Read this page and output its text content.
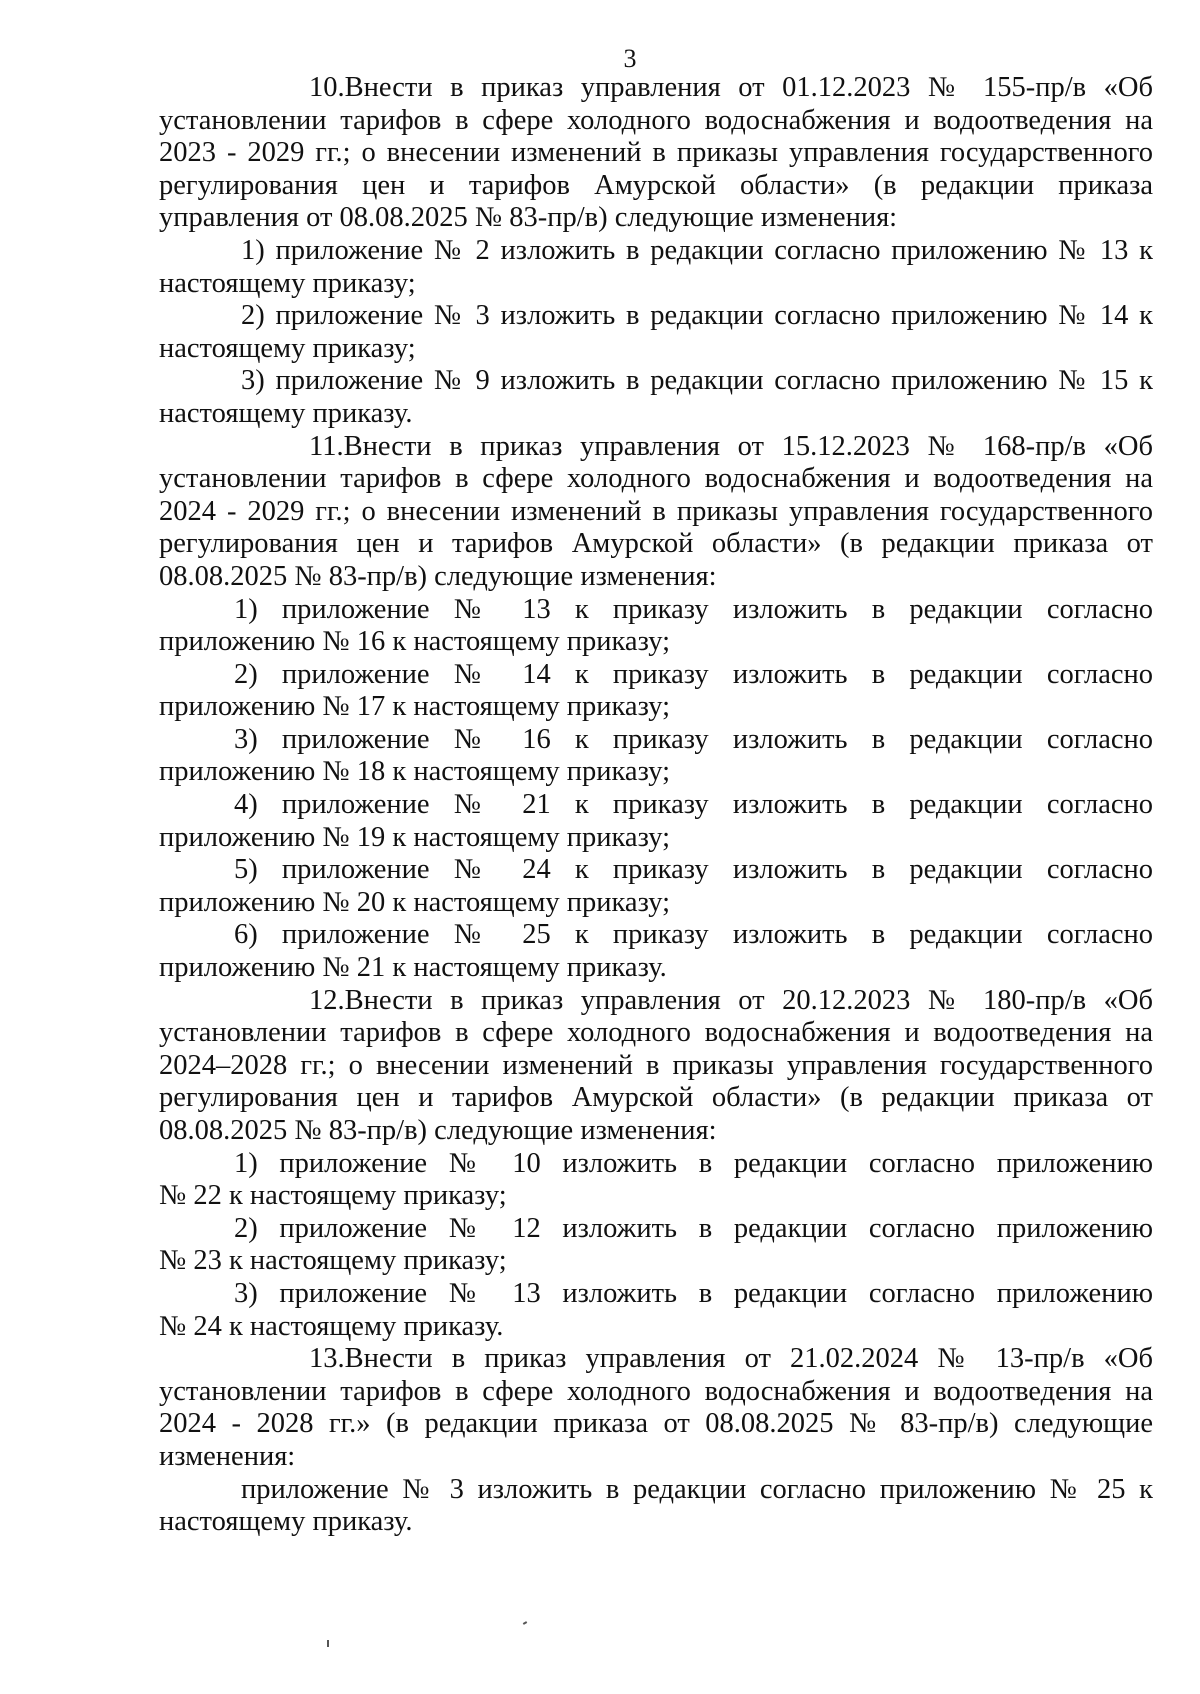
3

10.Внести в приказ управления от 01.12.2023 № 155-пр/в «Об установлении тарифов в сфере холодного водоснабжения и водоотведения на 2023 - 2029 гг.; о внесении изменений в приказы управления государственного регулирования цен и тарифов Амурской области» (в редакции приказа управления от 08.08.2025 № 83-пр/в) следующие изменения:

1) приложение № 2 изложить в редакции согласно приложению № 13 к настоящему приказу;

2) приложение № 3 изложить в редакции согласно приложению № 14 к настоящему приказу;

3) приложение № 9 изложить в редакции согласно приложению № 15 к настоящему приказу.

11.Внести в приказ управления от 15.12.2023 № 168-пр/в «Об установлении тарифов в сфере холодного водоснабжения и водоотведения на 2024 - 2029 гг.; о внесении изменений в приказы управления государственного регулирования цен и тарифов Амурской области» (в редакции приказа от 08.08.2025 № 83-пр/в) следующие изменения:

1) приложение № 13 к приказу изложить в редакции согласно

приложению № 16 к настоящему приказу;

2) приложение № 14 к приказу изложить в редакции согласно

приложению № 17 к настоящему приказу;

3) приложение № 16 к приказу изложить в редакции согласно

приложению № 18 к настоящему приказу;

4) приложение № 21 к приказу изложить в редакции согласно

приложению № 19 к настоящему приказу;

5) приложение № 24 к приказу изложить в редакции согласно

приложению № 20 к настоящему приказу;

6) приложение № 25 к приказу изложить в редакции согласно

приложению № 21 к настоящему приказу.

12.Внести в приказ управления от 20.12.2023 № 180-пр/в «Об установлении тарифов в сфере холодного водоснабжения и водоотведения на 2024–2028 гг.; о внесении изменений в приказы управления государственного регулирования цен и тарифов Амурской области» (в редакции приказа от 08.08.2025 № 83-пр/в) следующие изменения:

1) приложение № 10 изложить в редакции согласно приложению

№ 22 к настоящему приказу;

2) приложение № 12 изложить в редакции согласно приложению

№ 23 к настоящему приказу;

3) приложение № 13 изложить в редакции согласно приложению

№ 24 к настоящему приказу.

13.Внести в приказ управления от 21.02.2024 № 13-пр/в «Об установлении тарифов в сфере холодного водоснабжения и водоотведения на 2024 - 2028 гг.» (в редакции приказа от 08.08.2025 № 83-пр/в) следующие изменения:

приложение № 3 изложить в редакции согласно приложению № 25 к настоящему приказу.
